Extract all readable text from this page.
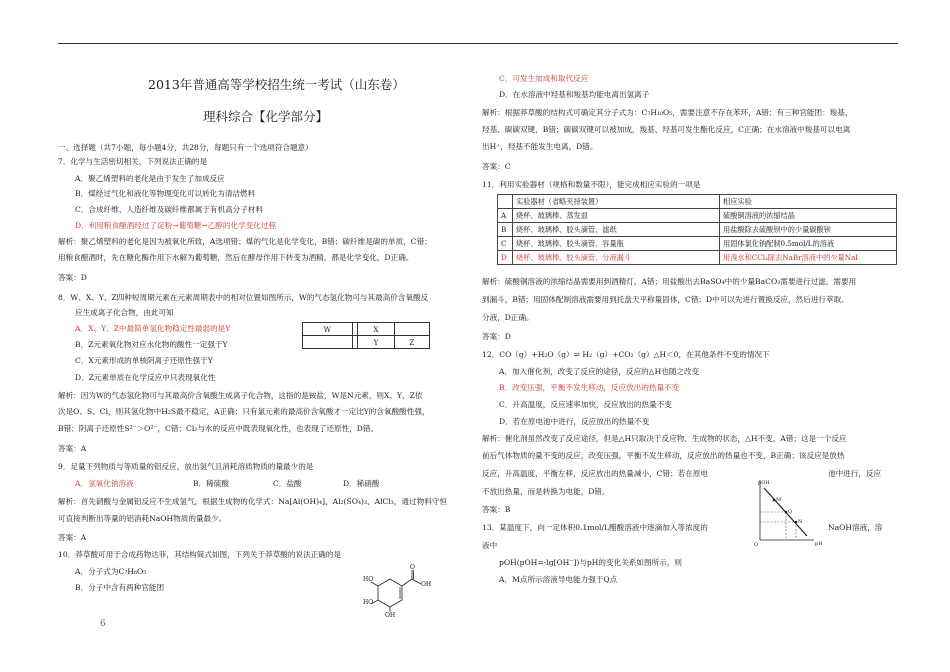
2013年普通高等学校招生统一考试（山东卷）
理科综合【化学部分】
一、选择题（共7小题，每小题4分，共28分，每题只有一个选项符合题意）
7．化学与生活密切相关，下列说法正确的是
A．聚乙烯塑料的老化是由于发生了加成反应
B．煤经过气化和液化等物理变化可以转化为清洁燃料
C．合成纤维、人造纤维及碳纤维都属于有机高分子材料
D．利用粮食酿酒经过了淀粉→葡萄糖→乙醇的化学变化过程
解析：聚乙烯塑料的老化是因为被氧化所致，A选项错；煤的气化是化学变化，B错；碳纤维是碳的单质，C错；
用粮食酿酒时，先在糖化酶作用下水解为葡萄糖，然后在酵母作用下转变为酒精，都是化学变化，D正确。
答案：D
8．W、X、Y、Z四种短周期元素在元素周期表中的相对位置如图所示，W的气态氢化物可与其最高价含氧酸反
应生成离子化合物，由此可知
A．X、Y、Z中最简单氢化物稳定性最弱的是Y
B．Z元素氧化物对应水化物的酸性一定强于Y
C．X元素形成的单核阴离子还原性强于Y
D．Z元素单质在化学反应中只表现氧化性
W		X	
		Y	Z
解析：因为W的气态氢化物可与其最高价含氧酸生成离子化合物，这指的是铵盐，W是N元素，则X、Y、Z依
次是O、S、Cl，则其氢化物中H₂S最不稳定，A正确；只有氯元素的最高价含氧酸才一定比Y的含氧酸酸性强，
B错；阴离子还原性S²⁻＞O²⁻，C错；Cl₂与水的反应中既表现氧化性，也表现了还原性，D错。
答案：A
9．足量下列物质与等质量的铝反应，放出氢气且消耗溶质物质的量最少的是
A．氢氧化钠溶液	B．稀硫酸	C．盐酸	D．稀硝酸
解析：首先硝酸与金属铝反应不生成氢气，根据生成物的化学式：Na[Al(OH)₄]、Al₂(SO₄)₃、AlCl₃，通过物料守恒
可直接判断出等量的铝消耗NaOH物质的量最少。
答案：A
10．莽草酸可用于合成药物达菲，其结构简式如图，下列关于莽草酸的说法正确的是
A．分子式为C₇H₆O₅
B．分子中含有两种官能团
HO
HO
OH
OH
O
6
C．可发生加成和取代反应
D．在水溶液中羟基和羧基均能电离出氢离子
解析：根据莽草酸的结构式可确定其分子式为：C₇H₁₀O₅，需要注意不存在苯环，A错；有三种官能团：羧基、
羟基、碳碳双键，B错；碳碳双键可以被加成，羧基、羟基可发生酯化反应，C正确；在水溶液中羧基可以电离
出H⁺，羟基不能发生电离，D错。
答案：C
11．利用实验器材（规格和数量不限），能完成相应实验的一项是
	实验器材（省略夹持装置）	相应实验
A	烧杯、玻璃棒、蒸发皿	硫酸铜溶液的浓缩结晶
B	烧杯、玻璃棒、胶头滴管、滤纸	用盐酸除去硫酸钡中的少量碳酸钡
C	烧杯、玻璃棒、胶头滴管、容量瓶	用固体氯化钠配制0.5mol/L的溶液
D	烧杯、玻璃棒、胶头滴管、分液漏斗	用溴水和CCl₄除去NaBr溶液中的少量NaI
解析：硫酸铜溶液的浓缩结晶需要用到酒精灯，A错；用盐酸出去BaSO₄中的少量BaCO₃需要进行过滤，需要用
到漏斗，B错；用固体配制溶液需要用到托盘天平称量固体，C错；D中可以先进行置换反应，然后进行萃取、
分液，D正确。
答案：D
12．CO（g）+H₂O（g）⇌ H₂（g）+CO₂（g）△H＜0，在其他条件不变的情况下
A．加入催化剂，改变了反应的途径，反应的△H也随之改变
B．改变压强，平衡不发生移动，反应放出的热量不变
C．升高温度，反应速率加快，反应放出的热量不变
D．若在原电池中进行，反应放出的热量不变
解析：催化剂虽然改变了反应途径，但是△H只取决于反应物、生成物的状态，△H不变，A错；这是一个反应
前后气体物质的量不变的反应，改变压强，平衡不发生移动，反应放出的热量也不变，B正确；该反应是放热
反应，升高温度，平衡左移，反应放出的热量减小，C错；若在原电	池中进行，反应
不放出热量，而是转换为电能，D错。
答案：B
13．某温度下，向一定体积0.1mol/L醋酸溶液中逐滴加入等浓度的	NaOH溶液，溶
液中
pOH(pOH=-lg[OH⁻])与pH的变化关系如图所示，则
A．M点所示溶液导电能力强于Q点
pOH
pH
O
M
Q
N
